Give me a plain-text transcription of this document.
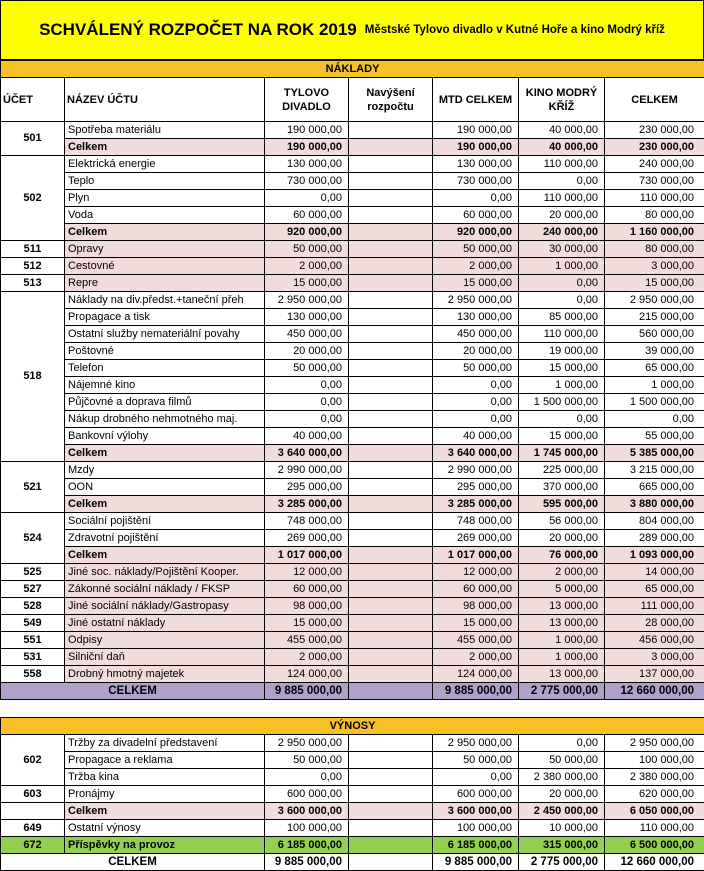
SCHVÁLENÝ ROZPOČET NA ROK 2019 Městské Tylovo divadlo v Kutné Hoře a kino Modrý kříž
NÁKLADY						
ÚČET	NÁZEV ÚČTU	TYLOVO DIVADLO	Navýšení rozpočtu	MTD CELKEM	KINO MODRÝ KŘÍŽ	CELKEM
501	Spotřeba materiálu	190 000,00		190 000,00	40 000,00	230 000,00
	Celkem	190 000,00		190 000,00	40 000,00	230 000,00
502	Elektrická energie	130 000,00		130 000,00	110 000,00	240 000,00
	Teplo	730 000,00		730 000,00	0,00	730 000,00
	Plyn	0,00		0,00	110 000,00	110 000,00
	Voda	60 000,00		60 000,00	20 000,00	80 000,00
	Celkem	920 000,00		920 000,00	240 000,00	1 160 000,00
511	Opravy	50 000,00		50 000,00	30 000,00	80 000,00
512	Cestovné	2 000,00		2 000,00	1 000,00	3 000,00
513	Repre	15 000,00		15 000,00	0,00	15 000,00
518	Náklady na div.předst.+taneční přeh	2 950 000,00		2 950 000,00	0,00	2 950 000,00
	Propagace a tisk	130 000,00		130 000,00	85 000,00	215 000,00
	Ostatní služby nemateriální povahy	450 000,00		450 000,00	110 000,00	560 000,00
	Poštovné	20 000,00		20 000,00	19 000,00	39 000,00
	Telefon	50 000,00		50 000,00	15 000,00	65 000,00
	Nájemné kino	0,00		0,00	1 000,00	1 000,00
	Půjčovné a doprava filmů	0,00		0,00	1 500 000,00	1 500 000,00
	Nákup drobného nehmotného maj.	0,00		0,00	0,00	0,00
	Bankovní výlohy	40 000,00		40 000,00	15 000,00	55 000,00
	Celkem	3 640 000,00		3 640 000,00	1 745 000,00	5 385 000,00
521	Mzdy	2 990 000,00		2 990 000,00	225 000,00	3 215 000,00
	OON	295 000,00		295 000,00	370 000,00	665 000,00
	Celkem	3 285 000,00		3 285 000,00	595 000,00	3 880 000,00
524	Sociální pojištění	748 000,00		748 000,00	56 000,00	804 000,00
	Zdravotní pojištění	269 000,00		269 000,00	20 000,00	289 000,00
	Celkem	1 017 000,00		1 017 000,00	76 000,00	1 093 000,00
525	Jiné soc. náklady/Pojištění Kooper.	12 000,00		12 000,00	2 000,00	14 000,00
527	Zákonné sociální náklady / FKSP	60 000,00		60 000,00	5 000,00	65 000,00
528	Jiné sociální náklady/Gastropasy	98 000,00		98 000,00	13 000,00	111 000,00
549	Jiné ostatní náklady	15 000,00		15 000,00	13 000,00	28 000,00
551	Odpisy	455 000,00		455 000,00	1 000,00	456 000,00
531	Silniční daň	2 000,00		2 000,00	1 000,00	3 000,00
558	Drobný hmotný majetek	124 000,00		124 000,00	13 000,00	137 000,00
CELKEM		9 885 000,00		9 885 000,00	2 775 000,00	12 660 000,00

VÝNOSY						
602	Tržby za divadelní představení	2 950 000,00		2 950 000,00	0,00	2 950 000,00
	Propagace a reklama	50 000,00		50 000,00	50 000,00	100 000,00
	Tržba kina	0,00		0,00	2 380 000,00	2 380 000,00
603	Pronájmy	600 000,00		600 000,00	20 000,00	620 000,00
	Celkem	3 600 000,00		3 600 000,00	2 450 000,00	6 050 000,00
649	Ostatní výnosy	100 000,00		100 000,00	10 000,00	110 000,00
672	Příspěvky na provoz	6 185 000,00		6 185 000,00	315 000,00	6 500 000,00
CELKEM		9 885 000,00		9 885 000,00	2 775 000,00	12 660 000,00
